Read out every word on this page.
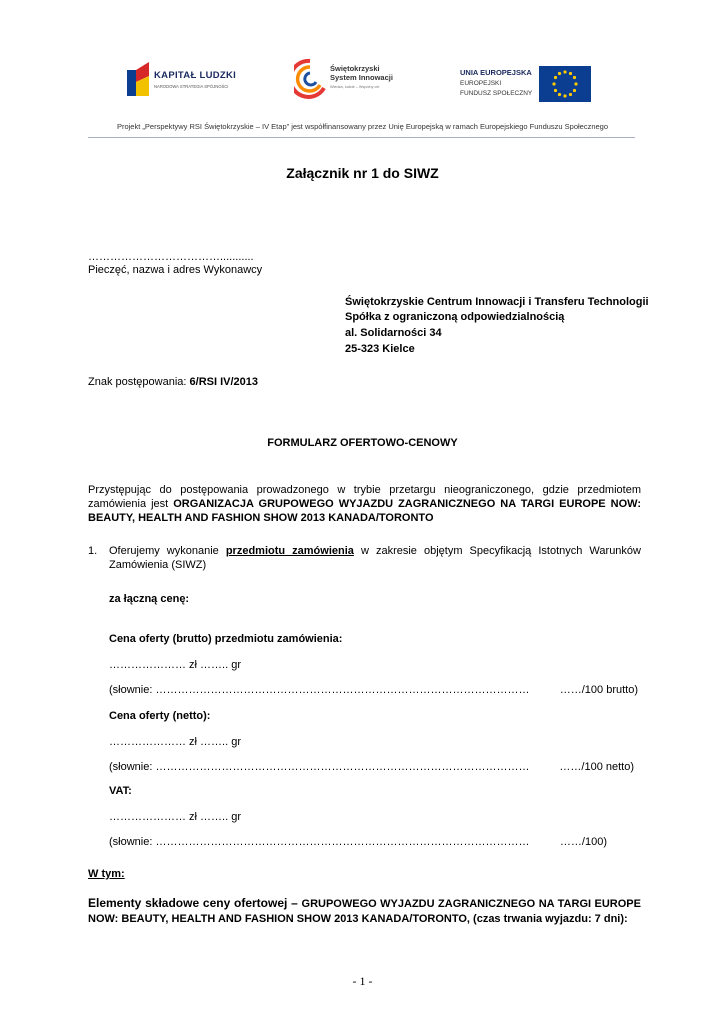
KAPITAŁ LUDZKI
NARODOWA STRATEGIA SPÓJNOŚCI
Świętokrzyski
System Innowacji
Wiedza, ludzie – Wspólny cel
UNIA EUROPEJSKA
EUROPEJSKI
FUNDUSZ SPOŁECZNY
Projekt „Perspektywy RSI Świętokrzyskie – IV Etap” jest współfinansowany przez Unię Europejską w ramach Europejskiego Funduszu Społecznego
Załącznik nr 1 do SIWZ
………………………………...........
Pieczęć, nazwa i adres Wykonawcy
Świętokrzyskie Centrum Innowacji i Transferu Technologii
Spółka z ograniczoną odpowiedzialnością
al. Solidarności 34
25-323 Kielce
Znak postępowania: 6/RSI IV/2013
FORMULARZ OFERTOWO-CENOWY
Przystępując do postępowania prowadzonego w trybie przetargu nieograniczonego, gdzie przedmiotem
zamówienia jest ORGANIZACJA GRUPOWEGO WYJAZDU ZAGRANICZNEGO NA TARGI EUROPE NOW:
BEAUTY, HEALTH AND FASHION SHOW 2013 KANADA/TORONTO
1. Oferujemy wykonanie przedmiotu zamówienia w zakresie objętym Specyfikacją Istotnych Warunków
Zamówienia (SIWZ)
za łączną cenę:
Cena oferty (brutto) przedmiotu zamówienia:
………………… zł …….. gr
(słownie: …………………………………………………………………………………………	……/100 brutto)
Cena oferty (netto):
………………… zł …….. gr
(słownie: …………………………………………………………………………………………	……/100 netto)
VAT:
………………… zł …….. gr
(słownie: …………………………………………………………………………………………	……/100)
W tym:
Elementy składowe ceny ofertowej – GRUPOWEGO WYJAZDU ZAGRANICZNEGO NA TARGI EUROPE
NOW: BEAUTY, HEALTH AND FASHION SHOW 2013 KANADA/TORONTO, (czas trwania wyjazdu: 7 dni):
- 1 -
